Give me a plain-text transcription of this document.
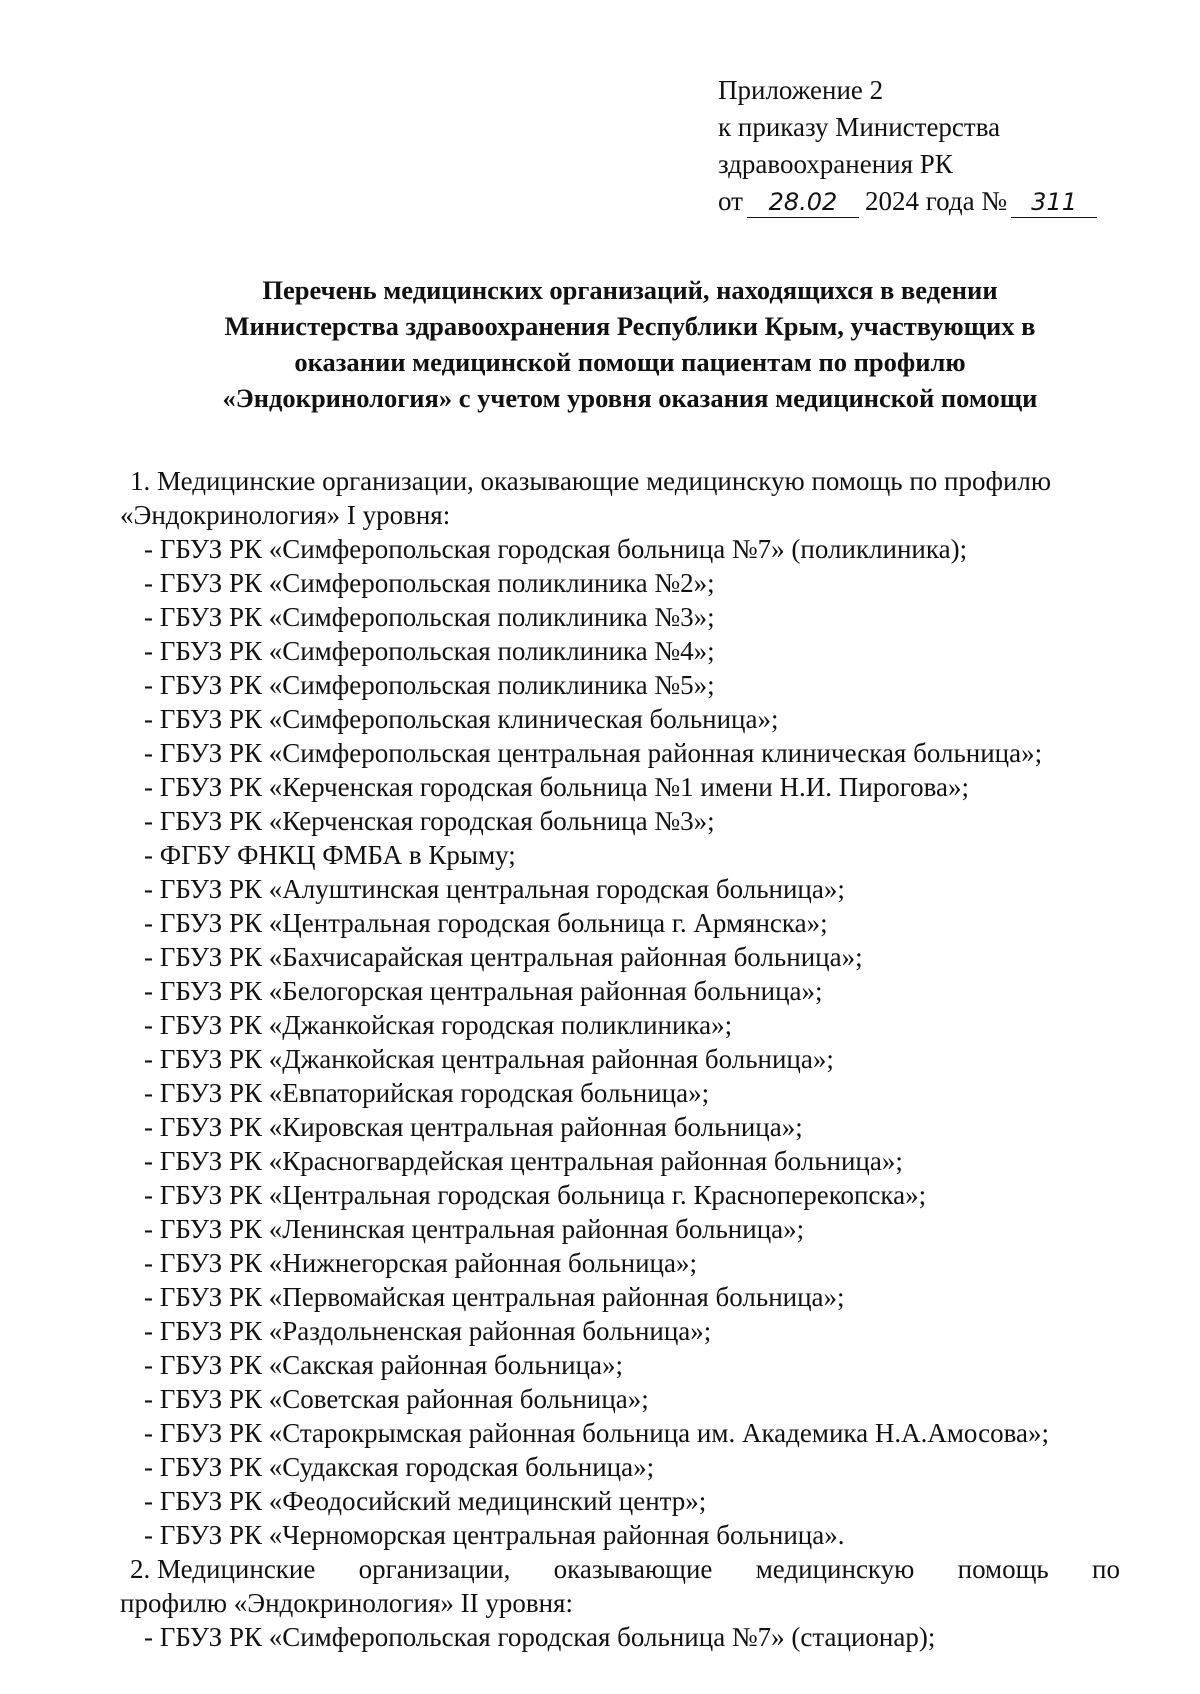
Приложение 2
к приказу Министерства
здравоохранения РК
от 28.02 2024 года № 311
Перечень медицинских организаций, находящихся в ведении
Министерства здравоохранения Республики Крым, участвующих в
оказании медицинской помощи пациентам по профилю
«Эндокринология» с учетом уровня оказания медицинской помощи
1. Медицинские организации, оказывающие медицинскую помощь по профилю
«Эндокринология» I уровня:
- ГБУЗ РК «Симферопольская городская больница №7» (поликлиника);
- ГБУЗ РК «Симферопольская поликлиника №2»;
- ГБУЗ РК «Симферопольская поликлиника №3»;
- ГБУЗ РК «Симферопольская поликлиника №4»;
- ГБУЗ РК «Симферопольская поликлиника №5»;
- ГБУЗ РК «Симферопольская клиническая больница»;
- ГБУЗ РК «Симферопольская центральная районная клиническая больница»;
- ГБУЗ РК «Керченская городская больница №1 имени Н.И. Пирогова»;
- ГБУЗ РК «Керченская городская больница №3»;
- ФГБУ ФНКЦ ФМБА в Крыму;
- ГБУЗ РК «Алуштинская центральная городская больница»;
- ГБУЗ РК «Центральная городская больница г. Армянска»;
- ГБУЗ РК «Бахчисарайская центральная районная больница»;
- ГБУЗ РК «Белогорская центральная районная больница»;
- ГБУЗ РК «Джанкойская городская поликлиника»;
- ГБУЗ РК «Джанкойская центральная районная больница»;
- ГБУЗ РК «Евпаторийская городская больница»;
- ГБУЗ РК «Кировская центральная районная больница»;
- ГБУЗ РК «Красногвардейская центральная районная больница»;
- ГБУЗ РК «Центральная городская больница г. Красноперекопска»;
- ГБУЗ РК «Ленинская центральная районная больница»;
- ГБУЗ РК «Нижнегорская районная больница»;
- ГБУЗ РК «Первомайская центральная районная больница»;
- ГБУЗ РК «Раздольненская районная больница»;
- ГБУЗ РК «Сакская районная больница»;
- ГБУЗ РК «Советская районная больница»;
- ГБУЗ РК «Старокрымская районная больница им. Академика Н.А.Амосова»;
- ГБУЗ РК «Судакская городская больница»;
- ГБУЗ РК «Феодосийский медицинский центр»;
- ГБУЗ РК «Черноморская центральная районная больница».
2. Медицинские организации, оказывающие медицинскую помощь по
профилю «Эндокринология» II уровня:
- ГБУЗ РК «Симферопольская городская больница №7» (стационар);
